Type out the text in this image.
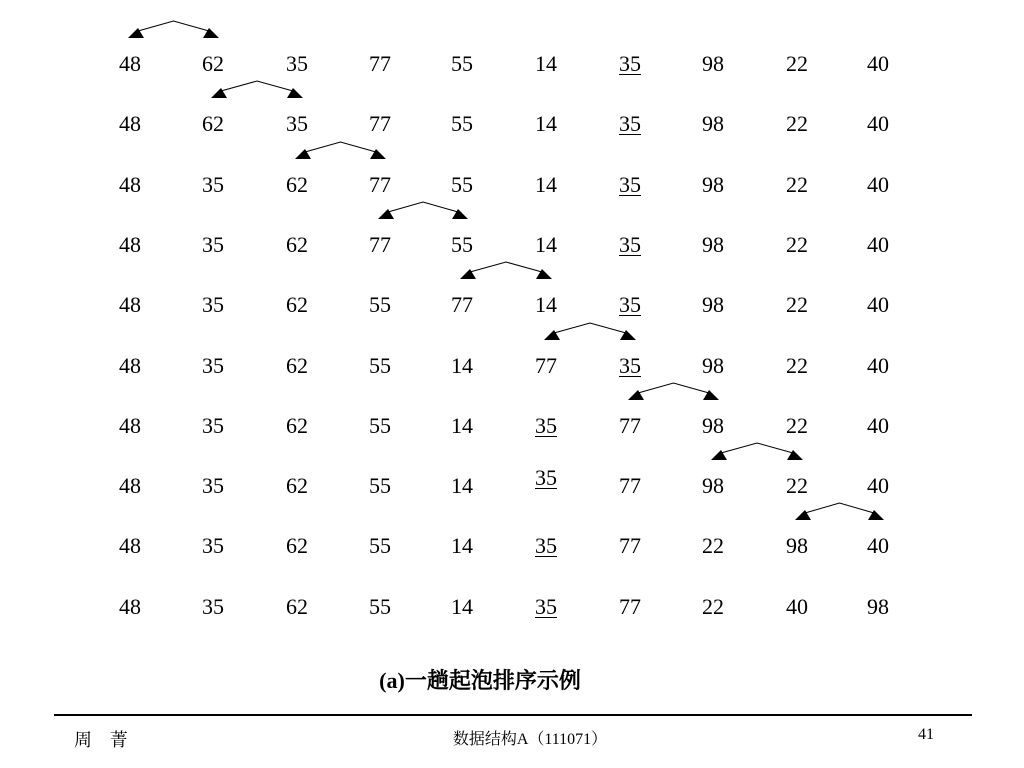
48	62	35	77	55	14	35	98	22	40
48	62	35	77	55	14	35	98	22	40
48	35	62	77	55	14	35	98	22	40
48	35	62	77	55	14	35	98	22	40
48	35	62	55	77	14	35	98	22	40
48	35	62	55	14	77	35	98	22	40
48	35	62	55	14	35	77	98	22	40
48	35	62	55	14	35	77	98	22	40
48	35	62	55	14	35	77	22	98	40
48	35	62	55	14	35	77	22	40	98
(a)一趟起泡排序示例
周 菁	数据结构A（111071）	41
